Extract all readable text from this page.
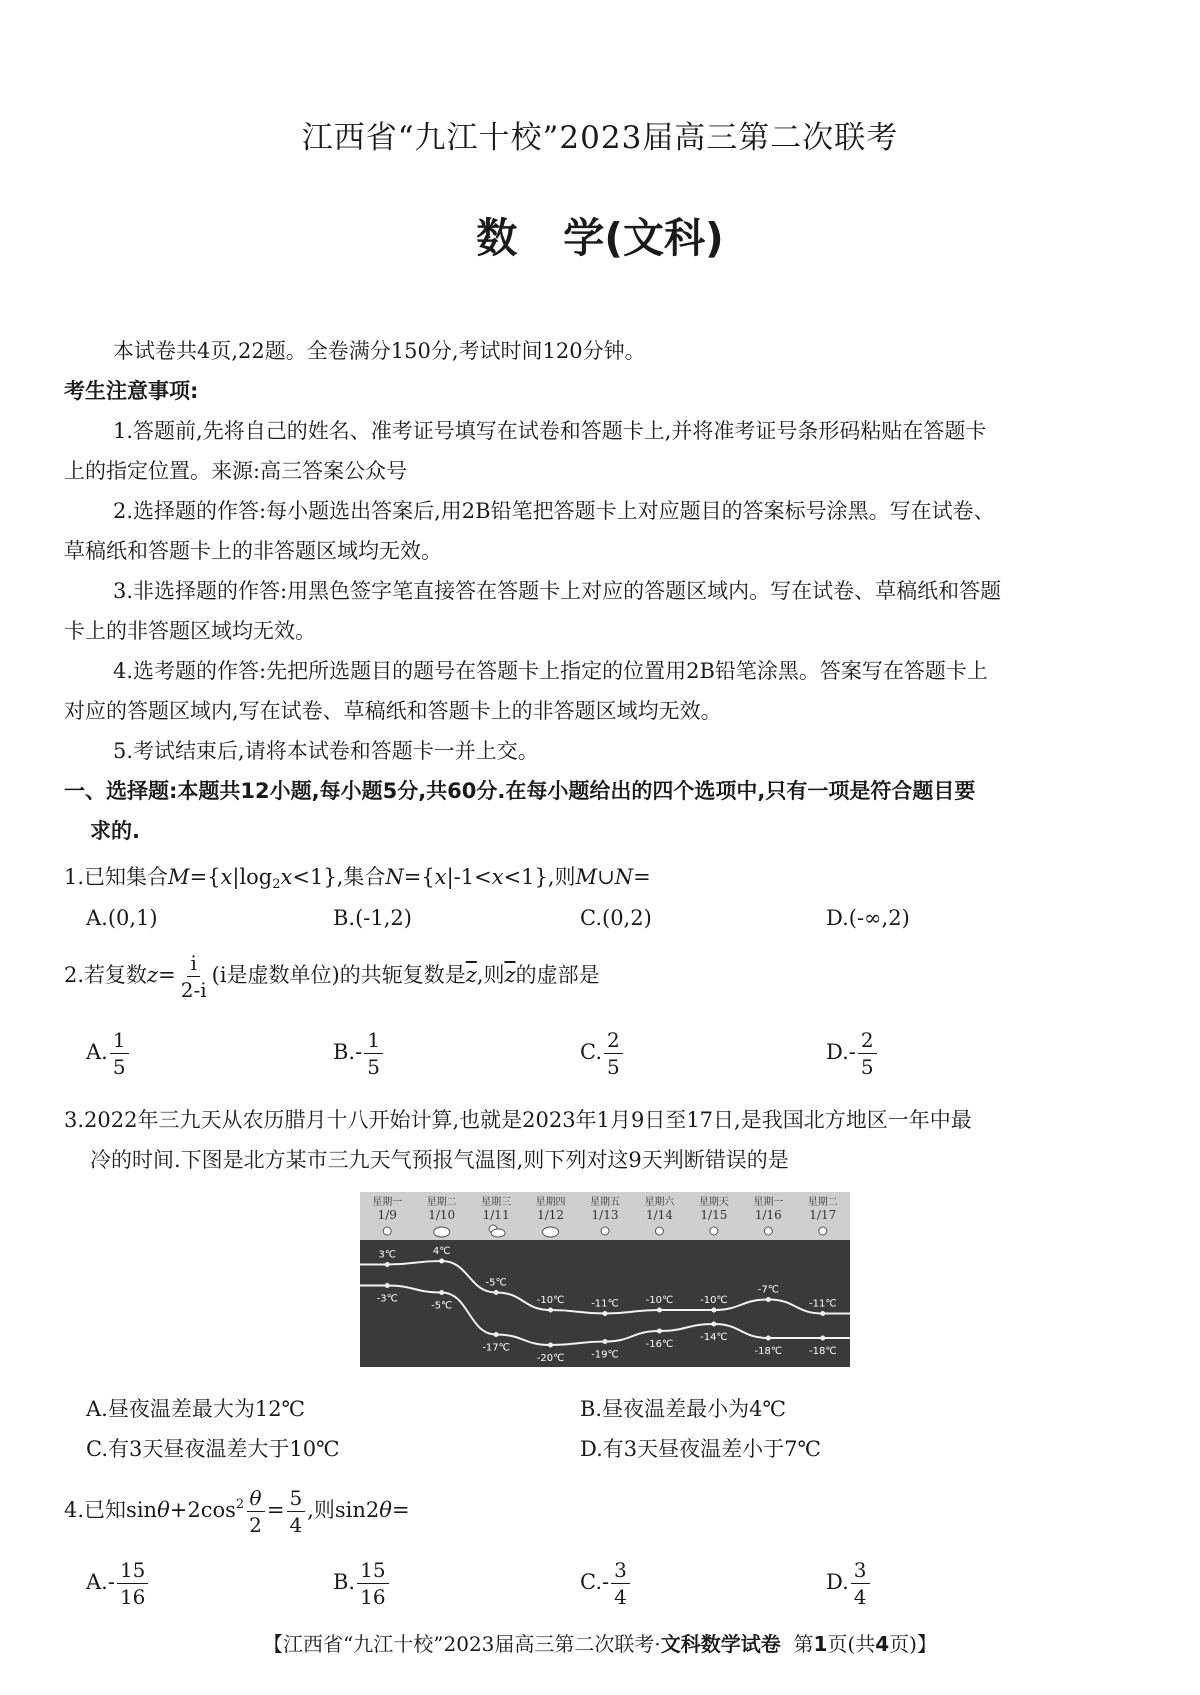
江西省“九江十校”2023届高三第二次联考
数 学(文科)
本试卷共4页,22题。全卷满分150分,考试时间120分钟。
考生注意事项:
1.答题前,先将自己的姓名、准考证号填写在试卷和答题卡上,并将准考证号条形码粘贴在答题卡
上的指定位置。来源:高三答案公众号
2.选择题的作答:每小题选出答案后,用2B铅笔把答题卡上对应题目的答案标号涂黑。写在试卷、
草稿纸和答题卡上的非答题区域均无效。
3.非选择题的作答:用黑色签字笔直接答在答题卡上对应的答题区域内。写在试卷、草稿纸和答题
卡上的非答题区域均无效。
4.选考题的作答:先把所选题目的题号在答题卡上指定的位置用2B铅笔涂黑。答案写在答题卡上
对应的答题区域内,写在试卷、草稿纸和答题卡上的非答题区域均无效。
5.考试结束后,请将本试卷和答题卡一并上交。
一、选择题:本题共12小题,每小题5分,共60分.在每小题给出的四个选项中,只有一项是符合题目要
求的.
1.已知集合$M=\{x|\log_2x<1\}$,集合N={x|-1<x<1},则M∪N=
A.(0,1)	B.(-1,2)	C.(0,2)	D.(-∞,2)
2.若复数$z= \frac{i}{2-i} (i$是虚数单位)的共轭复数是$\overline{z}$,则$\overline{z}$的虚部是
A. $\frac{1}{5}$	$B.- \frac{1}{5}$	C. $\frac{2}{5}$	$D.- \frac{2}{5}$
3.2022年三九天从农历腊月十八开始计算,也就是2023年1月9日至17日,是我国北方地区一年中最
冷的时间.下图是北方某市三九天气预报气温图,则下列对这9天判断错误的是
星期一
1/9
星期二
1/10
星期三
1/11
星期四
1/12
星期五
1/13
星期六
1/14
星期天
1/15
星期一
1/16
星期二
1/17
3℃	4℃
-5℃
-10℃	-11℃	-10℃	-10℃
-7℃
-11℃
-3℃
-5℃
-17℃
-20℃	-19℃
-16℃
-14℃
-18℃	-18℃
A.昼夜温差最大为12℃	B.昼夜温差最小为4℃
C.有3天昼夜温差大于10℃	D.有3天昼夜温差小于7℃
4.已知$\sin\theta+2\cos^2 \frac{\theta}{2} = \frac{5}{4}$ ,则sin2θ=
$A.- \frac{15}{16}$	B. $\frac{15}{16}$	$C.- \frac{3}{4}$	D. $\frac{3}{4}$
【江西省“九江十校”2023届高三第二次联考·文科数学试卷 第1页(共4页)】
